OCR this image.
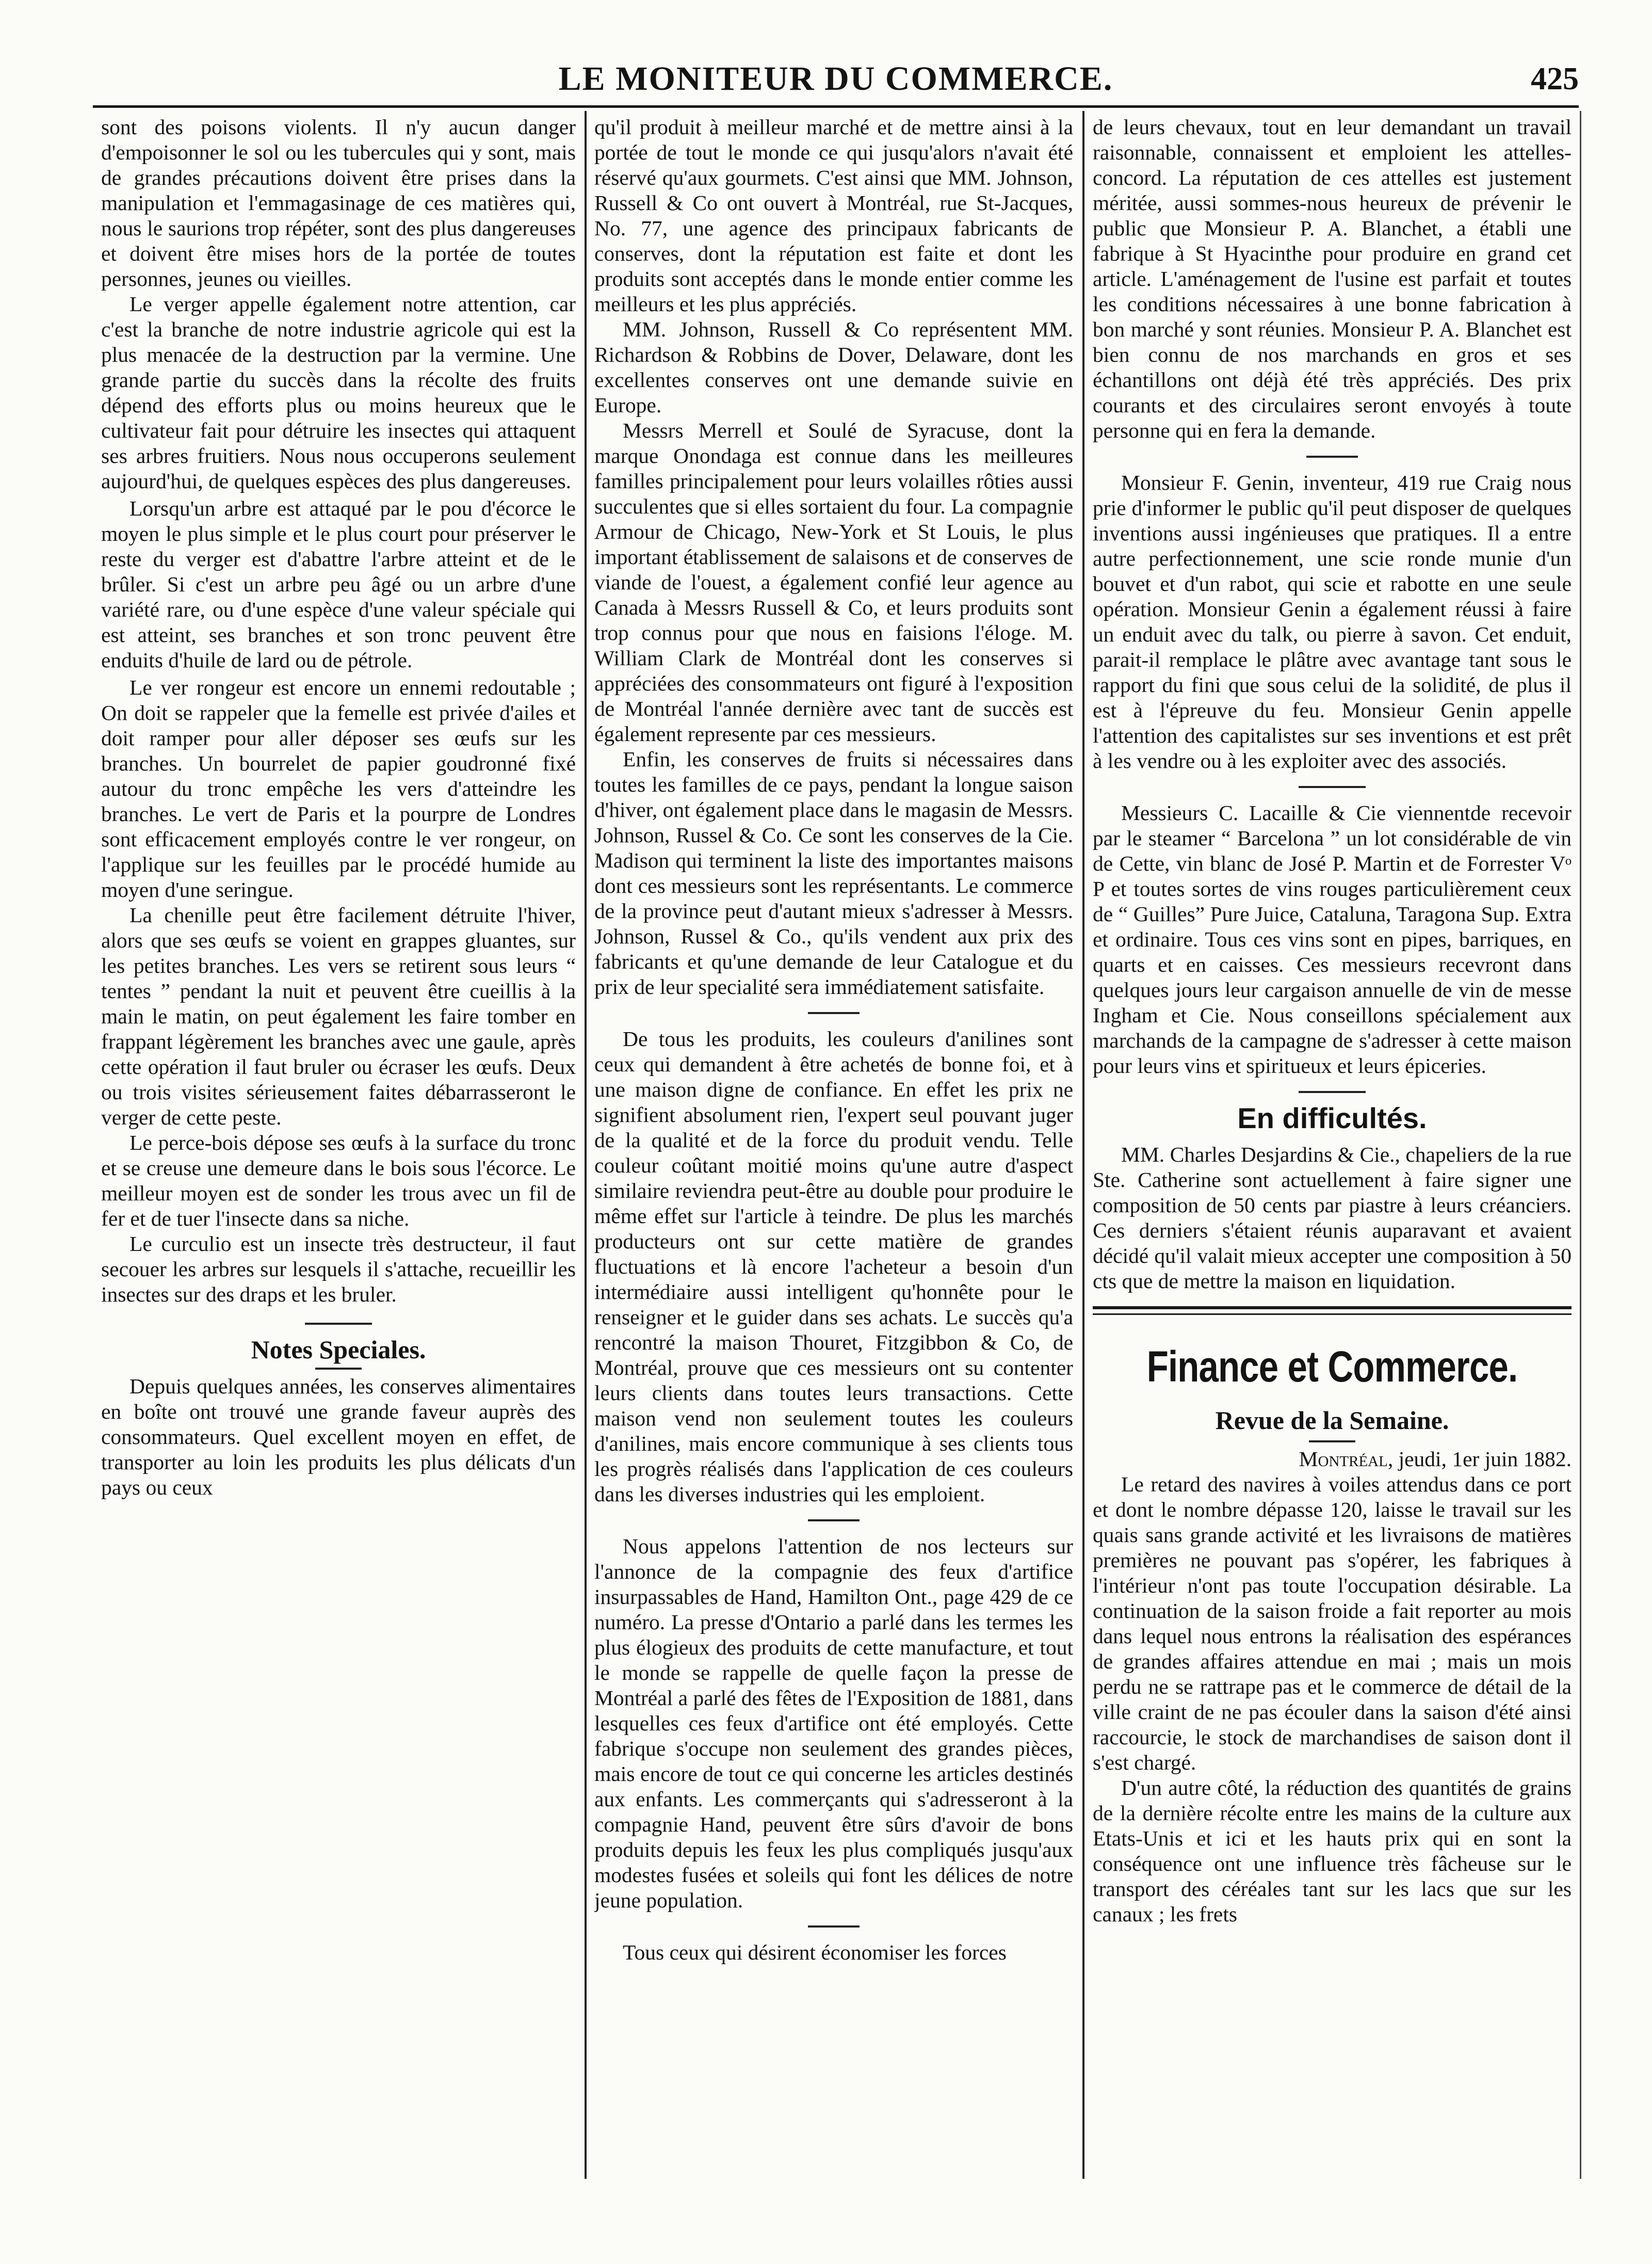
LE MONITEUR DU COMMERCE.	425

sont des poisons violents. Il n'y aucun danger d'empoisonner le sol ou les tubercules qui y sont, mais de grandes précautions doivent être prises dans la manipulation et l'emmagasinage de ces matières qui, nous le saurions trop répéter, sont des plus dangereuses et doivent être mises hors de la portée de toutes personnes, jeunes ou vieilles.

Le verger appelle également notre attention, car c'est la branche de notre industrie agricole qui est la plus menacée de la destruction par la vermine. Une grande partie du succès dans la récolte des fruits dépend des efforts plus ou moins heureux que le cultivateur fait pour détruire les insectes qui attaquent ses arbres fruitiers. Nous nous occuperons seulement aujourd'hui, de quelques espèces des plus dangereuses.

Lorsqu'un arbre est attaqué par le pou d'écorce le moyen le plus simple et le plus court pour préserver le reste du verger est d'abattre l'arbre atteint et de le brûler. Si c'est un arbre peu âgé ou un arbre d'une variété rare, ou d'une espèce d'une valeur spéciale qui est atteint, ses branches et son tronc peuvent être enduits d'huile de lard ou de pétrole.

Le ver rongeur est encore un ennemi redoutable ; On doit se rappeler que la femelle est privée d'ailes et doit ramper pour aller déposer ses œufs sur les branches. Un bourrelet de papier goudronné fixé autour du tronc empêche les vers d'atteindre les branches. Le vert de Paris et la pourpre de Londres sont efficacement employés contre le ver rongeur, on l'applique sur les feuilles par le procédé humide au moyen d'une seringue.

La chenille peut être facilement détruite l'hiver, alors que ses œufs se voient en grappes gluantes, sur les petites branches. Les vers se retirent sous leurs “ tentes ” pendant la nuit et peuvent être cueillis à la main le matin, on peut également les faire tomber en frappant légèrement les branches avec une gaule, après cette opération il faut bruler ou écraser les œufs. Deux ou trois visites sérieusement faites débarrasseront le verger de cette peste.

Le perce-bois dépose ses œufs à la surface du tronc et se creuse une demeure dans le bois sous l'écorce. Le meilleur moyen est de sonder les trous avec un fil de fer et de tuer l'insecte dans sa niche.

Le curculio est un insecte très destructeur, il faut secouer les arbres sur lesquels il s'attache, recueillir les insectes sur des draps et les bruler.

Notes Speciales.

Depuis quelques années, les conserves alimentaires en boîte ont trouvé une grande faveur auprès des consommateurs. Quel excellent moyen en effet, de transporter au loin les produits les plus délicats d'un pays ou ceux

qu'il produit à meilleur marché et de mettre ainsi à la portée de tout le monde ce qui jusqu'alors n'avait été réservé qu'aux gourmets. C'est ainsi que MM. Johnson, Russell & Co ont ouvert à Montréal, rue St-Jacques, No. 77, une agence des principaux fabricants de conserves, dont la réputation est faite et dont les produits sont acceptés dans le monde entier comme les meilleurs et les plus appréciés.

MM. Johnson, Russell & Co représentent MM. Richardson & Robbins de Dover, Delaware, dont les excellentes conserves ont une demande suivie en Europe.

Messrs Merrell et Soulé de Syracuse, dont la marque Onondaga est connue dans les meilleures familles principalement pour leurs volailles rôties aussi succulentes que si elles sortaient du four. La compagnie Armour de Chicago, New-York et St Louis, le plus important établissement de salaisons et de conserves de viande de l'ouest, a également confié leur agence au Canada à Messrs Russell & Co, et leurs produits sont trop connus pour que nous en faisions l'éloge. M. William Clark de Montréal dont les conserves si appréciées des consommateurs ont figuré à l'exposition de Montréal l'année dernière avec tant de succès est également represente par ces messieurs.

Enfin, les conserves de fruits si nécessaires dans toutes les familles de ce pays, pendant la longue saison d'hiver, ont également place dans le magasin de Messrs. Johnson, Russel & Co. Ce sont les conserves de la Cie. Madison qui terminent la liste des importantes maisons dont ces messieurs sont les représentants. Le commerce de la province peut d'autant mieux s'adresser à Messrs. Johnson, Russel & Co., qu'ils vendent aux prix des fabricants et qu'une demande de leur Catalogue et du prix de leur specialité sera immédiatement satisfaite.

De tous les produits, les couleurs d'anilines sont ceux qui demandent à être achetés de bonne foi, et à une maison digne de confiance. En effet les prix ne signifient absolument rien, l'expert seul pouvant juger de la qualité et de la force du produit vendu. Telle couleur coûtant moitié moins qu'une autre d'aspect similaire reviendra peut-être au double pour produire le même effet sur l'article à teindre. De plus les marchés producteurs ont sur cette matière de grandes fluctuations et là encore l'acheteur a besoin d'un intermédiaire aussi intelligent qu'honnête pour le renseigner et le guider dans ses achats. Le succès qu'a rencontré la maison Thouret, Fitzgibbon & Co, de Montréal, prouve que ces messieurs ont su contenter leurs clients dans toutes leurs transactions. Cette maison vend non seulement toutes les couleurs d'anilines, mais encore communique à ses clients tous les progrès réalisés dans l'application de ces couleurs dans les diverses industries qui les emploient.

Nous appelons l'attention de nos lecteurs sur l'annonce de la compagnie des feux d'artifice insurpassables de Hand, Hamilton Ont., page 429 de ce numéro. La presse d'Ontario a parlé dans les termes les plus élogieux des produits de cette manufacture, et tout le monde se rappelle de quelle façon la presse de Montréal a parlé des fêtes de l'Exposition de 1881, dans lesquelles ces feux d'artifice ont été employés. Cette fabrique s'occupe non seulement des grandes pièces, mais encore de tout ce qui concerne les articles destinés aux enfants. Les commerçants qui s'adresseront à la compagnie Hand, peuvent être sûrs d'avoir de bons produits depuis les feux les plus compliqués jusqu'aux modestes fusées et soleils qui font les délices de notre jeune population.

Tous ceux qui désirent économiser les forces

de leurs chevaux, tout en leur demandant un travail raisonnable, connaissent et emploient les attelles-concord. La réputation de ces attelles est justement méritée, aussi sommes-nous heureux de prévenir le public que Monsieur P. A. Blanchet, a établi une fabrique à St Hyacinthe pour produire en grand cet article. L'aménagement de l'usine est parfait et toutes les conditions nécessaires à une bonne fabrication à bon marché y sont réunies. Monsieur P. A. Blanchet est bien connu de nos marchands en gros et ses échantillons ont déjà été très appréciés. Des prix courants et des circulaires seront envoyés à toute personne qui en fera la demande.

Monsieur F. Genin, inventeur, 419 rue Craig nous prie d'informer le public qu'il peut disposer de quelques inventions aussi ingénieuses que pratiques. Il a entre autre perfectionnement, une scie ronde munie d'un bouvet et d'un rabot, qui scie et rabotte en une seule opération. Monsieur Genin a également réussi à faire un enduit avec du talk, ou pierre à savon. Cet enduit, parait-il remplace le plâtre avec avantage tant sous le rapport du fini que sous celui de la solidité, de plus il est à l'épreuve du feu. Monsieur Genin appelle l'attention des capitalistes sur ses inventions et est prêt à les vendre ou à les exploiter avec des associés.

Messieurs C. Lacaille & Cie viennentde recevoir par le steamer “ Barcelona ” un lot considérable de vin de Cette, vin blanc de José P. Martin et de Forrester Vᵒ P et toutes sortes de vins rouges particulièrement ceux de “ Guilles” Pure Juice, Cataluna, Taragona Sup. Extra et ordinaire. Tous ces vins sont en pipes, barriques, en quarts et en caisses. Ces messieurs recevront dans quelques jours leur cargaison annuelle de vin de messe Ingham et Cie. Nous conseillons spécialement aux marchands de la campagne de s'adresser à cette maison pour leurs vins et spiritueux et leurs épiceries.

En difficultés.

MM. Charles Desjardins & Cie., chapeliers de la rue Ste. Catherine sont actuellement à faire signer une composition de 50 cents par piastre à leurs créanciers. Ces derniers s'étaient réunis auparavant et avaient décidé qu'il valait mieux accepter une composition à 50 cts que de mettre la maison en liquidation.

Finance et Commerce.
Revue de la Semaine.

Montréal, jeudi, 1er juin 1882.

Le retard des navires à voiles attendus dans ce port et dont le nombre dépasse 120, laisse le travail sur les quais sans grande activité et les livraisons de matières premières ne pouvant pas s'opérer, les fabriques à l'intérieur n'ont pas toute l'occupation désirable. La continuation de la saison froide a fait reporter au mois dans lequel nous entrons la réalisation des espérances de grandes affaires attendue en mai ; mais un mois perdu ne se rattrape pas et le commerce de détail de la ville craint de ne pas écouler dans la saison d'été ainsi raccourcie, le stock de marchandises de saison dont il s'est chargé.

D'un autre côté, la réduction des quantités de grains de la dernière récolte entre les mains de la culture aux Etats-Unis et ici et les hauts prix qui en sont la conséquence ont une influence très fâcheuse sur le transport des céréales tant sur les lacs que sur les canaux ; les frets
